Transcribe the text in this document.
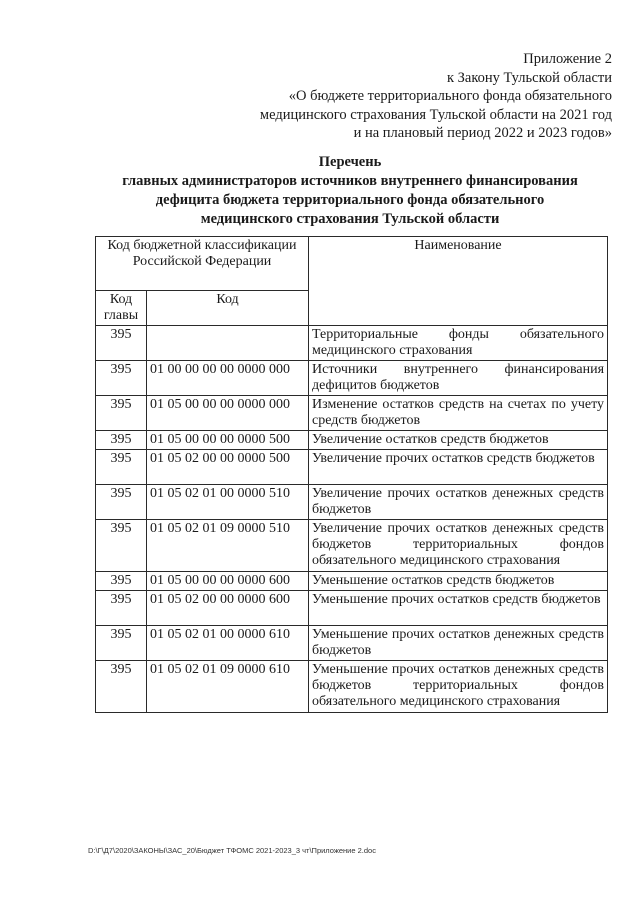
Приложение 2
к Закону Тульской области
«О бюджете территориального фонда обязательного
медицинского страхования Тульской области на 2021 год
и на плановый период 2022 и 2023 годов»
Перечень
главных администраторов источников внутреннего финансирования
дефицита бюджета территориального фонда обязательного
медицинского страхования Тульской области
Код бюджетной классификации Российской Федерации		Наименование
Код главы	Код	
395		Территориальные фонды обязательного медицинского страхования
395	01 00 00 00 00 0000 000	Источники внутреннего финансирования дефицитов бюджетов
395	01 05 00 00 00 0000 000	Изменение остатков средств на счетах по учету средств бюджетов
395	01 05 00 00 00 0000 500	Увеличение остатков средств бюджетов
395	01 05 02 00 00 0000 500	Увеличение прочих остатков средств бюджетов
395	01 05 02 01 00 0000 510	Увеличение прочих остатков денежных средств бюджетов
395	01 05 02 01 09 0000 510	Увеличение прочих остатков денежных средств бюджетов территориальных фондов обязательного медицинского страхования
395	01 05 00 00 00 0000 600	Уменьшение остатков средств бюджетов
395	01 05 02 00 00 0000 600	Уменьшение прочих остатков средств бюджетов
395	01 05 02 01 00 0000 610	Уменьшение прочих остатков денежных средств бюджетов
395	01 05 02 01 09 0000 610	Уменьшение прочих остатков денежных средств бюджетов территориальных фондов обязательного медицинского страхования
D:\Г\Д7\2020\ЗАКОНЫ\ЗАС_20\Бюджет ТФОМС 2021-2023_3 чт\Приложение 2.doc
